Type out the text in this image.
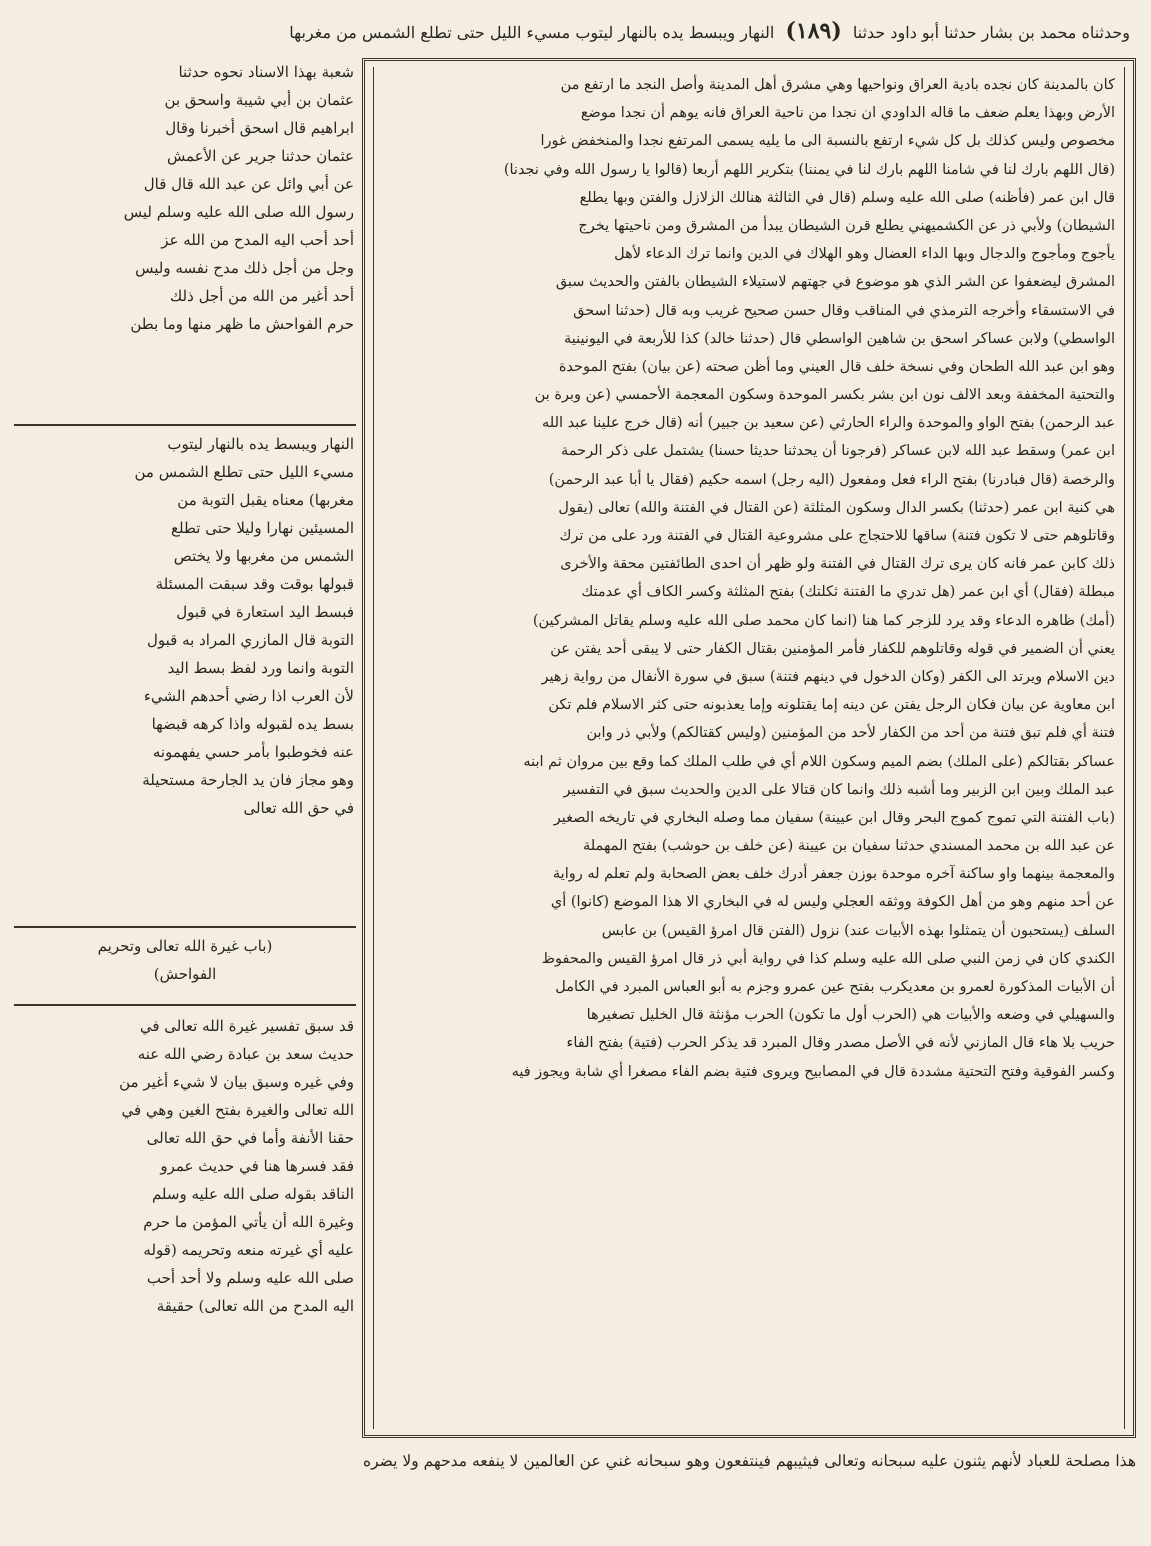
وحدثناه محمد بن بشار حدثنا أبو داود حدثنا (١٨٩) النهار ويبسط يده بالنهار ليتوب مسيء الليل حتى تطلع الشمس من مغربها
كان بالمدينة كان نجده بادية العراق ونواحيها وهي مشرق أهل المدينة وأصل النجد ما ارتفع من
الأرض وبهذا يعلم ضعف ما قاله الداودي ان نجدا من ناحية العراق فانه يوهم أن نجدا موضع
مخصوص وليس كذلك بل كل شيء ارتفع بالنسبة الى ما يليه يسمى المرتفع نجدا والمنخفض غورا
(قال اللهم بارك لنا في شامنا اللهم بارك لنا في يمننا) بتكرير اللهم أربعا (قالوا يا رسول الله وفي نجدنا)
قال ابن عمر (فأظنه) صلى الله عليه وسلم (قال في الثالثة هنالك الزلازل والفتن وبها يطلع
الشيطان) ولأبي ذر عن الكشميهني يطلع قرن الشيطان يبدأ من المشرق ومن ناحيتها يخرج
يأجوج ومأجوج والدجال وبها الداء العضال وهو الهلاك في الدين وانما ترك الدعاء لأهل
المشرق ليضعفوا عن الشر الذي هو موضوع في جهتهم لاستيلاء الشيطان بالفتن والحديث سبق
في الاستسقاء وأخرجه الترمذي في المناقب وقال حسن صحيح غريب وبه قال (حدثنا اسحق
الواسطي) ولابن عساكر اسحق بن شاهين الواسطي قال (حدثنا خالد) كذا للأربعة في اليونينية
وهو ابن عبد الله الطحان وفي نسخة خلف قال العيني وما أظن صحته (عن بيان) بفتح الموحدة
والتحتية المخففة وبعد الالف نون ابن بشر بكسر الموحدة وسكون المعجمة الأحمسي (عن وبرة بن
عبد الرحمن) بفتح الواو والموحدة والراء الحارثي (عن سعيد بن جبير) أنه (قال خرج علينا عبد الله
ابن عمر) وسقط عبد الله لابن عساكر (فرجونا أن يحدثنا حديثا حسنا) يشتمل على ذكر الرحمة
والرخصة (قال فبادرنا) بفتح الراء فعل ومفعول (اليه رجل) اسمه حكيم (فقال يا أبا عبد الرحمن)
هي كنية ابن عمر (حدثنا) بكسر الدال وسكون المثلثة (عن القتال في الفتنة والله) تعالى (يقول
وقاتلوهم حتى لا تكون فتنة) ساقها للاحتجاج على مشروعية القتال في الفتنة ورد على من ترك
ذلك كابن عمر فانه كان يرى ترك القتال في الفتنة ولو ظهر أن احدى الطائفتين محقة والأخرى
مبطلة (فقال) أي ابن عمر (هل تدري ما الفتنة ثكلتك) بفتح المثلثة وكسر الكاف أي عدمتك
(أمك) ظاهره الدعاء وقد يرد للزجر كما هنا (انما كان محمد صلى الله عليه وسلم يقاتل المشركين)
يعني أن الضمير في قوله وقاتلوهم للكفار فأمر المؤمنين بقتال الكفار حتى لا يبقى أحد يفتن عن
دين الاسلام ويرتد الى الكفر (وكان الدخول في دينهم فتنة) سبق في سورة الأنفال من رواية زهير
ابن معاوية عن بيان فكان الرجل يفتن عن دينه إما يقتلونه وإما يعذبونه حتى كثر الاسلام فلم تكن
فتنة أي فلم تبق فتنة من أحد من الكفار لأحد من المؤمنين (وليس كقتالكم) ولأبي ذر وابن
عساكر بقتالكم (على الملك) بضم الميم وسكون اللام أي في طلب الملك كما وقع بين مروان ثم ابنه
عبد الملك وبين ابن الزبير وما أشبه ذلك وانما كان قتالا على الدين والحديث سبق في التفسير
(باب الفتنة التي تموج كموج البحر وقال ابن عيينة) سفيان مما وصله البخاري في تاريخه الصغير
عن عبد الله بن محمد المسندي حدثنا سفيان بن عيينة (عن خلف بن حوشب) بفتح المهملة
والمعجمة بينهما واو ساكنة آخره موحدة بوزن جعفر أدرك خلف بعض الصحابة ولم تعلم له رواية
عن أحد منهم وهو من أهل الكوفة ووثقه العجلي وليس له في البخاري الا هذا الموضع (كانوا) أي
السلف (يستحبون أن يتمثلوا بهذه الأبيات عند) نزول (الفتن قال امرؤ القيس) بن عابس
الكندي كان في زمن النبي صلى الله عليه وسلم كذا في رواية أبي ذر قال امرؤ القيس والمحفوظ
أن الأبيات المذكورة لعمرو بن معديكرب بفتح عين عمرو وجزم به أبو العباس المبرد في الكامل
والسهيلي في وضعه والأبيات هي (الحرب أول ما تكون) الحرب مؤنثة قال الخليل تصغيرها
حريب بلا هاء قال المازني لأنه في الأصل مصدر وقال المبرد قد يذكر الحرب (فتية) بفتح الفاء
وكسر الفوقية وفتح التحتية مشددة قال في المصابيح ويروى فتية بضم الفاء مصغرا أي شابة ويجوز فيه
شعبة بهذا الاسناد نحوه حدثنا
عثمان بن أبي شيبة واسحق بن
ابراهيم قال اسحق أخبرنا وقال
عثمان حدثنا جرير عن الأعمش
عن أبي وائل عن عبد الله قال قال
رسول الله صلى الله عليه وسلم ليس
أحد أحب اليه المدح من الله عز
وجل من أجل ذلك مدح نفسه وليس
أحد أغير من الله من أجل ذلك
حرم الفواحش ما ظهر منها وما بطن
النهار ويبسط يده بالنهار ليتوب
مسيء الليل حتى تطلع الشمس من
مغربها) معناه يقبل التوبة من
المسيئين نهارا وليلا حتى تطلع
الشمس من مغربها ولا يختص
قبولها بوقت وقد سبقت المسئلة
فبسط اليد استعارة في قبول
التوبة قال المازري المراد به قبول
التوبة وانما ورد لفظ بسط اليد
لأن العرب اذا رضي أحدهم الشيء
بسط يده لقبوله واذا كرهه قبضها
عنه فخوطبوا بأمر حسي يفهمونه
وهو مجاز فان يد الجارحة مستحيلة
في حق الله تعالى
(باب غيرة الله تعالى وتحريم
الفواحش)
قد سبق تفسير غيرة الله تعالى في
حديث سعد بن عبادة رضي الله عنه
وفي غيره وسبق بيان لا شيء أغير من
الله تعالى والغيرة بفتح الغين وهي في
حقنا الأنفة وأما في حق الله تعالى
فقد فسرها هنا في حديث عمرو
الناقد بقوله صلى الله عليه وسلم
وغيرة الله أن يأتي المؤمن ما حرم
عليه أي غيرته منعه وتحريمه (قوله
صلى الله عليه وسلم ولا أحد أحب
اليه المدح من الله تعالى) حقيقة
هذا مصلحة للعباد لأنهم يثنون عليه سبحانه وتعالى فيثيبهم فينتفعون وهو سبحانه غني عن العالمين لا ينفعه مدحهم ولا يضره
